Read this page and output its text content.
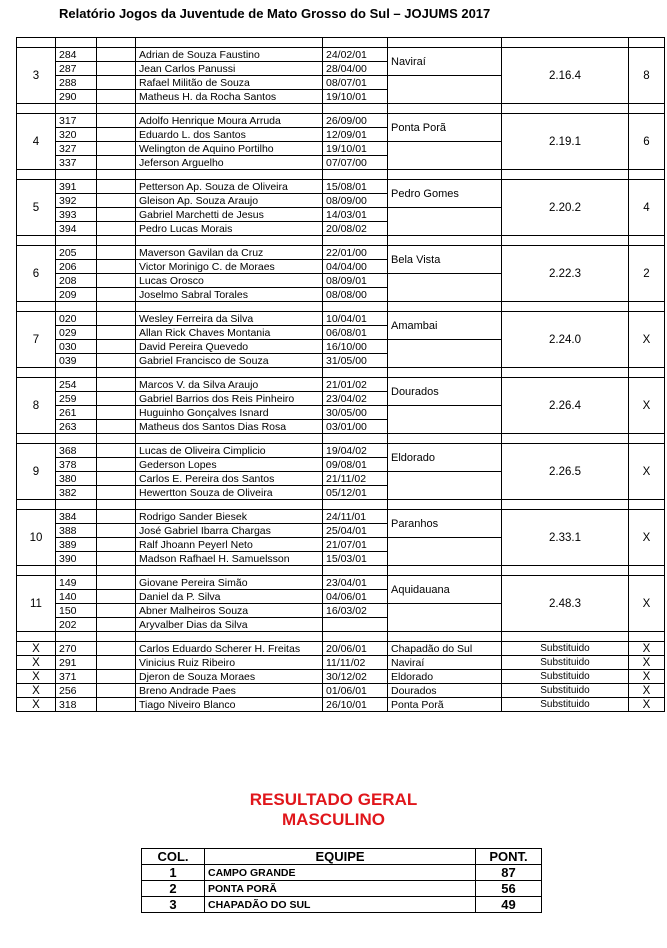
Relatório Jogos da Juventude de Mato Grosso do Sul – JOJUMS 2017

3	284		Adrian de Souza Faustino	24/02/01	Naviraí	2.16.4	8
	287		Jean Carlos Panussi	28/04/00			
	288		Rafael Militão de Souza	08/07/01			
	290		Matheus H. da Rocha Santos	19/10/01			

4	317		Adolfo Henrique Moura Arruda	26/09/00	Ponta Porã	2.19.1	6
	320		Eduardo L. dos Santos	12/09/01			
	327		Welington de Aquino Portilho	19/10/01			
	337		Jeferson Arguelho	07/07/00			

5	391		Petterson Ap. Souza de Oliveira	15/08/01	Pedro Gomes	2.20.2	4
	392		Gleison Ap. Souza Araujo	08/09/00			
	393		Gabriel Marchetti de Jesus	14/03/01			
	394		Pedro Lucas Morais	20/08/02			

6	205		Maverson Gavilan da Cruz	22/01/00	Bela Vista	2.22.3	2
	206		Victor Morinigo C. de Moraes	04/04/00			
	208		Lucas Orosco	08/09/01			
	209		Joselmo Sabral Torales	08/08/00			

7	020		Wesley Ferreira da Silva	10/04/01	Amambai	2.24.0	X
	029		Allan Rick Chaves Montania	06/08/01			
	030		David Pereira Quevedo	16/10/00			
	039		Gabriel Francisco de Souza	31/05/00			

8	254		Marcos V. da Silva Araujo	21/01/02	Dourados	2.26.4	X
	259		Gabriel Barrios dos Reis Pinheiro	23/04/02			
	261		Huguinho Gonçalves Isnard	30/05/00			
	263		Matheus dos Santos Dias Rosa	03/01/00			

9	368		Lucas de Oliveira Cimplicio	19/04/02	Eldorado	2.26.5	X
	378		Gederson Lopes	09/08/01			
	380		Carlos E. Pereira dos Santos	21/11/02			
	382		Hewertton Souza de Oliveira	05/12/01			

10	384		Rodrigo Sander Biesek	24/11/01	Paranhos	2.33.1	X
	388		José Gabriel Ibarra Chargas	25/04/01			
	389		Ralf Jhoann Peyerl Neto	21/07/01			
	390		Madson Rafhael H. Samuelsson	15/03/01			

11	149		Giovane Pereira Simão	23/04/01	Aquidauana	2.48.3	X
	140		Daniel da P. Silva	04/06/01			
	150		Abner Malheiros Souza	16/03/02			
	202		Aryvalber Dias da Silva				

X	270		Carlos Eduardo Scherer H. Freitas	20/06/01	Chapadão do Sul	Substituido	X
X	291		Vinicius Ruiz Ribeiro	11/11/02	Naviraí	Substituido	X
X	371		Djeron de Souza Moraes	30/12/02	Eldorado	Substituido	X
X	256		Breno Andrade Paes	01/06/01	Dourados	Substituido	X
X	318		Tiago Niveiro Blanco	26/10/01	Ponta Porã	Substituido	X
RESULTADO GERAL
MASCULINO
COL.	EQUIPE	PONT.
1	CAMPO GRANDE	87
2	PONTA PORÃ	56
3	CHAPADÃO DO SUL	49
